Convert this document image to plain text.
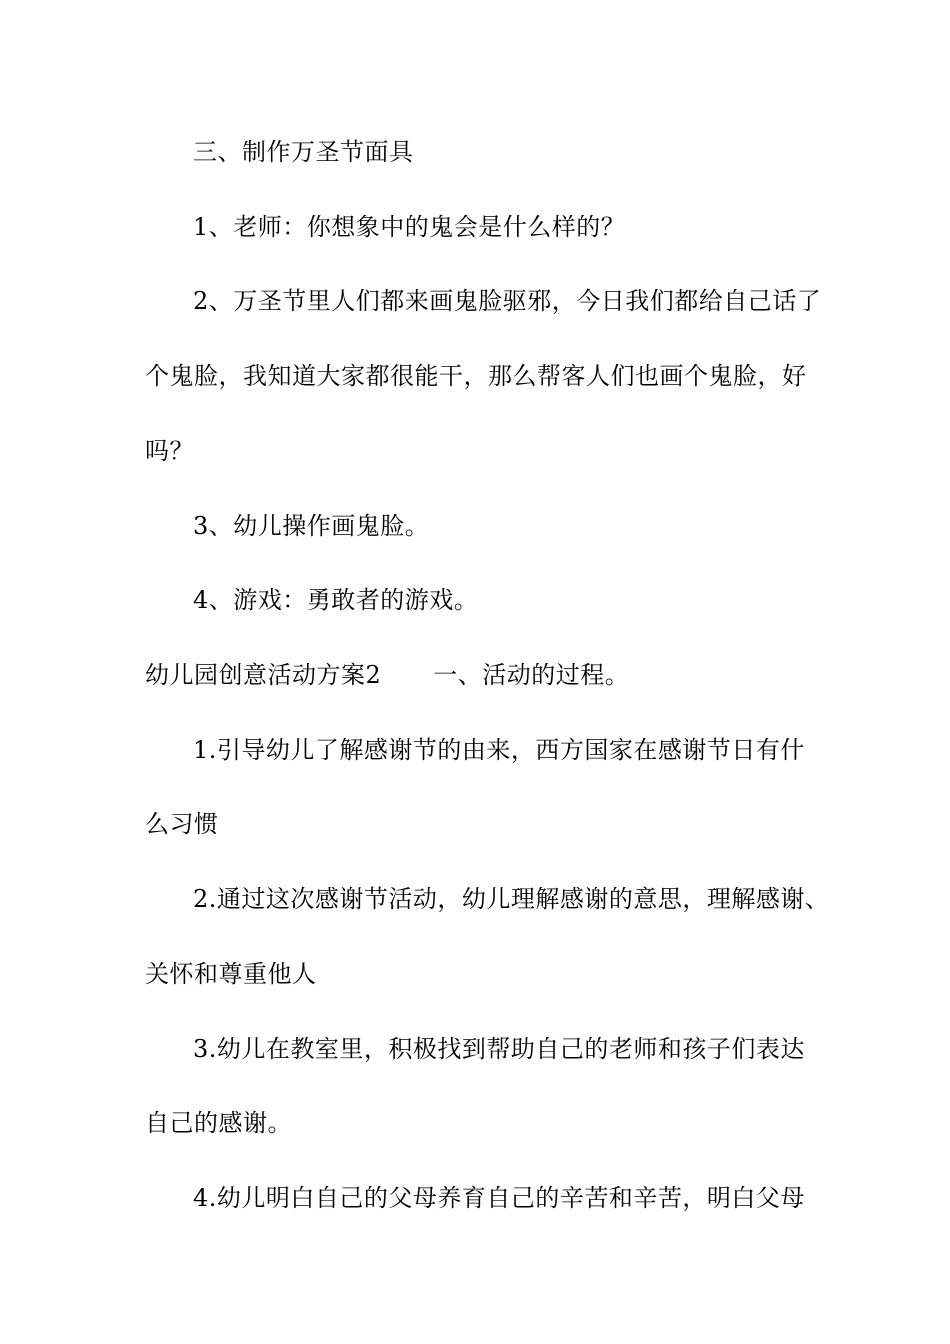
三、制作万圣节面具
1、老师：你想象中的鬼会是什么样的？
2、万圣节里人们都来画鬼脸驱邪，今日我们都给自己话了
个鬼脸，我知道大家都很能干，那么帮客人们也画个鬼脸，好
吗？
3、幼儿操作画鬼脸。
4、游戏：勇敢者的游戏。
幼儿园创意活动方案2 一、活动的过程。
1.引导幼儿了解感谢节的由来，西方国家在感谢节日有什
么习惯
2.通过这次感谢节活动，幼儿理解感谢的意思，理解感谢、
关怀和尊重他人
3.幼儿在教室里，积极找到帮助自己的老师和孩子们表达
自己的感谢。
4.幼儿明白自己的父母养育自己的辛苦和辛苦，明白父母
